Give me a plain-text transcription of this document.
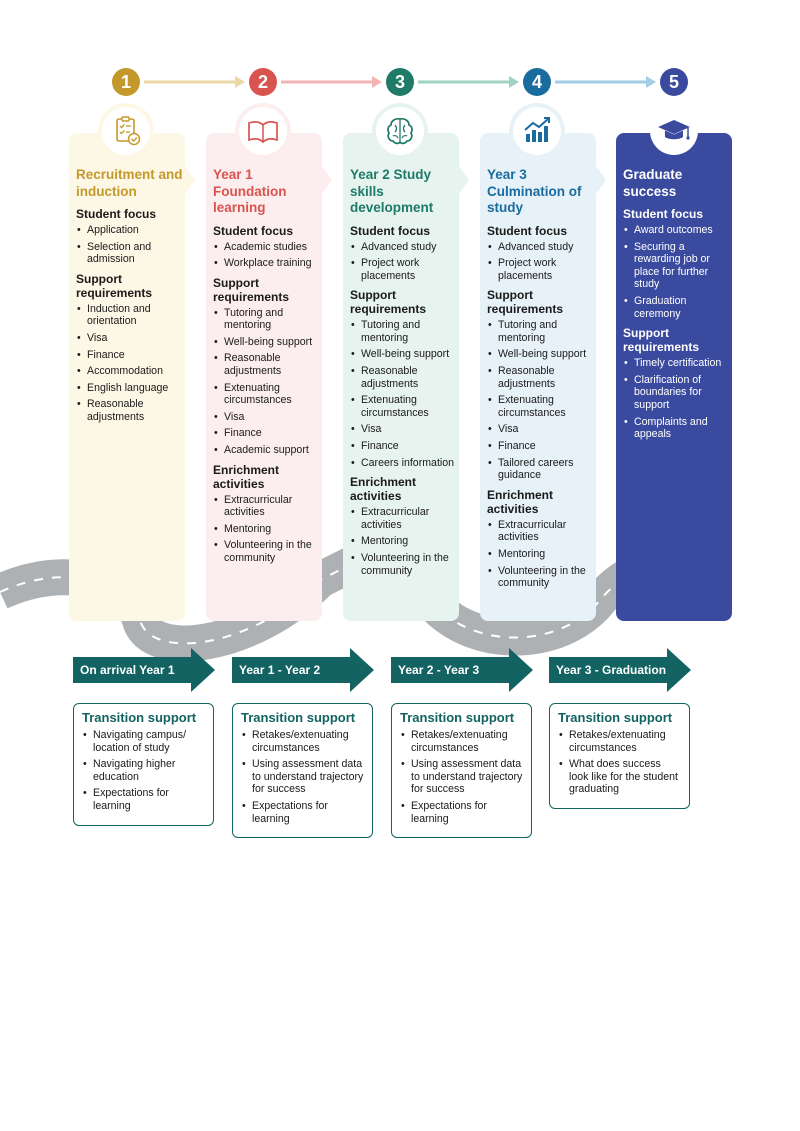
1	2	3	4	5
Recruitment and induction
Student focus
• Application
• Selection and admission
Support requirements
• Induction and orientation
• Visa
• Finance
• Accommodation
• English language
• Reasonable adjustments
Year 1 Foundation learning
Student focus
• Academic studies
• Workplace training
Support requirements
• Tutoring and mentoring
• Well-being support
• Reasonable adjustments
• Extenuating circumstances
• Visa
• Finance
• Academic support
Enrichment activities
• Extracurricular activities
• Mentoring
• Volunteering in the community
Year 2 Study skills development
Student focus
• Advanced study
• Project work placements
Support requirements
• Tutoring and mentoring
• Well-being support
• Reasonable adjustments
• Extenuating circumstances
• Visa
• Finance
• Careers information
Enrichment activities
• Extracurricular activities
• Mentoring
• Volunteering in the community
Year 3 Culmination of study
Student focus
• Advanced study
• Project work placements
Support requirements
• Tutoring and mentoring
• Well-being support
• Reasonable adjustments
• Extenuating circumstances
• Visa
• Finance
• Tailored careers guidance
Enrichment activities
• Extracurricular activities
• Mentoring
• Volunteering in the community
Graduate success
Student focus
• Award outcomes
• Securing a rewarding job or place for further study
• Graduation ceremony
Support requirements
• Timely certification
• Clarification of boundaries for support
• Complaints and appeals
On arrival Year 1	Year 1 - Year 2	Year 2 - Year 3	Year 3 - Graduation
Transition support
• Navigating campus/ location of study
• Navigating higher education
• Expectations for learning
Transition support
• Retakes/extenuating circumstances
• Using assessment data to understand trajectory for success
• Expectations for learning
Transition support
• Retakes/extenuating circumstances
• Using assessment data to understand trajectory for success
• Expectations for learning
Transition support
• Retakes/extenuating circumstances
• What does success look like for the student graduating
